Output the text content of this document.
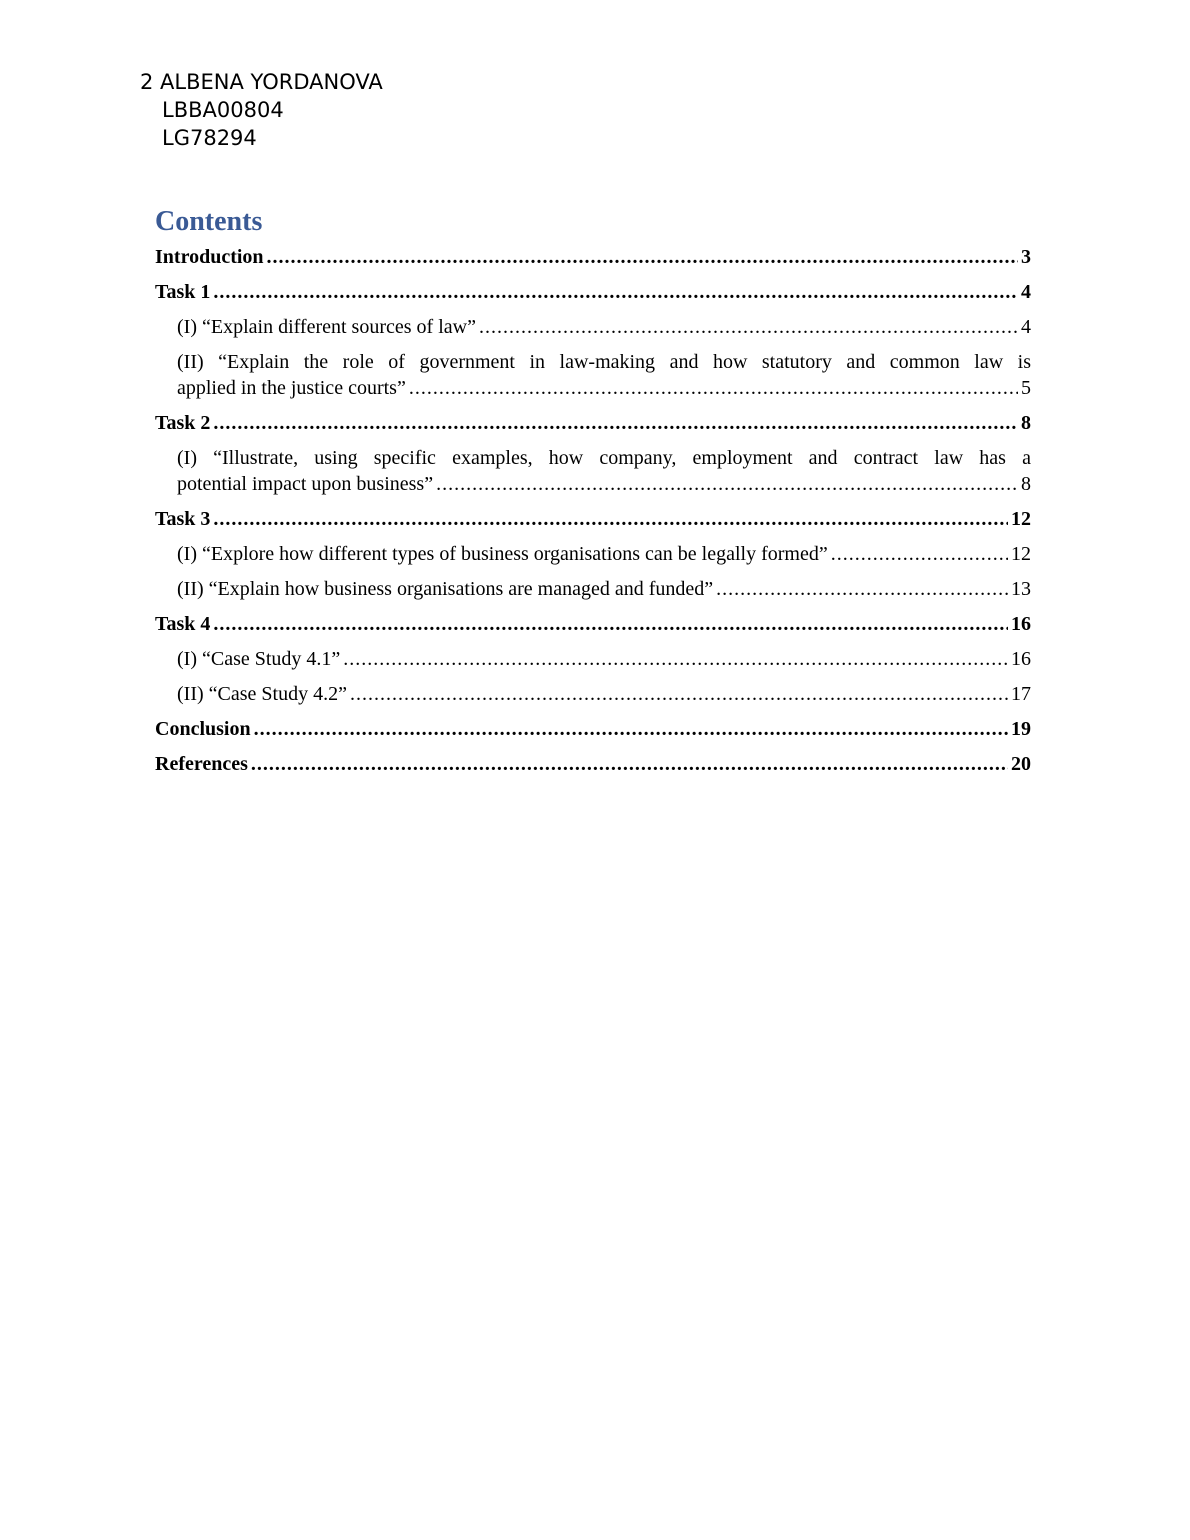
2 ALBENA YORDANOVA
LBBA00804
LG78294
Contents
Introduction .....	3
Task 1 .....	4
(I) “Explain different sources of law” .....	4
(II) “Explain the role of government in law-making and how statutory and common law is
applied in the justice courts” .....	5
Task 2 .....	8
(I) “Illustrate, using specific examples, how company, employment and contract law has a
potential impact upon business” .....	8
Task 3 .....	12
(I) “Explore how different types of business organisations can be legally formed” .....	12
(II) “Explain how business organisations are managed and funded” .....	13
Task 4 .....	16
(I) “Case Study 4.1” .....	16
(II) “Case Study 4.2” .....	17
Conclusion .....	19
References .....	20
